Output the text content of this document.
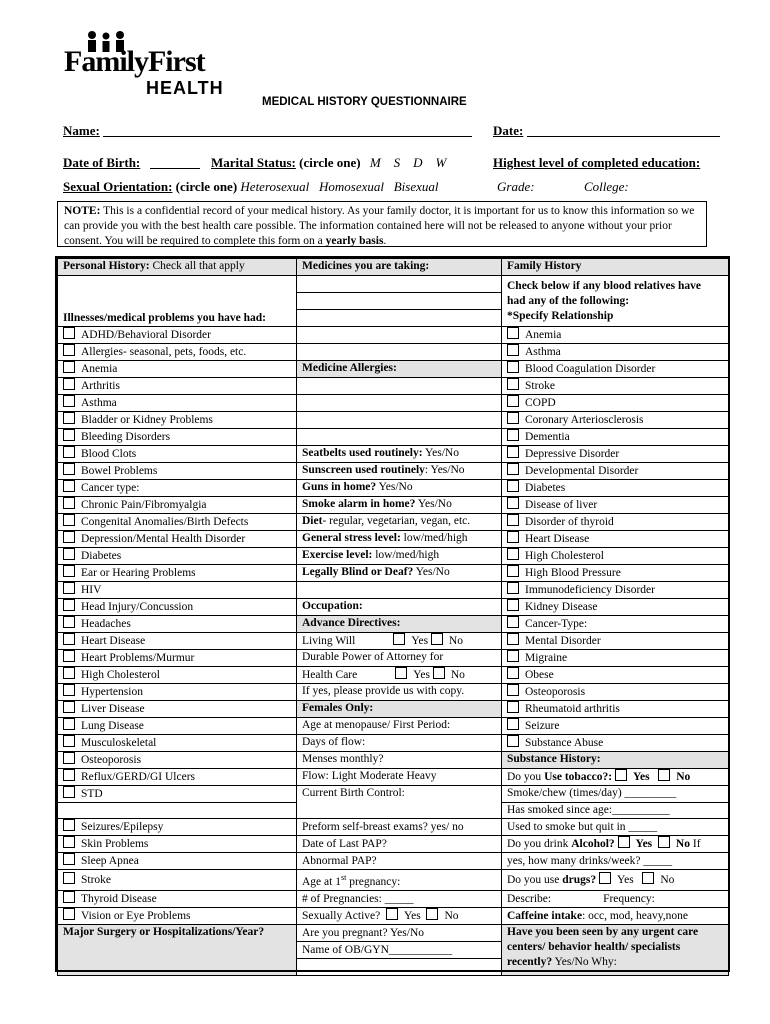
FamilyFirst
HEALTH
MEDICAL HISTORY QUESTIONNAIRE
Name:	Date:
Date of Birth:	Marital Status: (circle one) M    S    D    W	Highest level of completed education:
Sexual Orientation: (circle one) Heterosexual   Homosexual   Bisexual	Grade:	College:
NOTE: This is a confidential record of your medical history. As your family doctor, it is important for us to know this information so we can provide you with the best health care possible. The information contained here will not be released to anyone without your prior consent. You will be required to complete this form on a yearly basis.
Personal History: Check all that apply	Medicines you are taking:	Family History
Illnesses/medical problems you have had:		Check below if any blood relatives have
had any of the following:
*Specify Relationship

ADHD/Behavioral Disorder		Anemia
Allergies- seasonal, pets, foods, etc.		Asthma
Anemia	Medicine Allergies:	Blood Coagulation Disorder
Arthritis		Stroke
Asthma		COPD
Bladder or Kidney Problems		Coronary Arteriosclerosis
Bleeding Disorders		Dementia
Blood Clots	Seatbelts used routinely: Yes/No	Depressive Disorder
Bowel Problems	Sunscreen used routinely: Yes/No	Developmental Disorder
Cancer type:	Guns in home? Yes/No	Diabetes
Chronic Pain/Fibromyalgia	Smoke alarm in home? Yes/No	Disease of liver
Congenital Anomalies/Birth Defects	Diet- regular, vegetarian, vegan, etc.	Disorder of thyroid
Depression/Mental Health Disorder	General stress level: low/med/high	Heart Disease
Diabetes	Exercise level: low/med/high	High Cholesterol
Ear or Hearing Problems	Legally Blind or Deaf? Yes/No	High Blood Pressure
HIV		Immunodeficiency Disorder
Head Injury/Concussion	Occupation:	Kidney Disease
Headaches	Advance Directives:	Cancer-Type:
Heart Disease	Living Will Yes No	Mental Disorder
Heart Problems/Murmur	Durable Power of Attorney for	Migraine
High Cholesterol	Health Care Yes No	Obese
Hypertension	If yes, please provide us with copy.	Osteoporosis
Liver Disease	Females Only:	Rheumatoid arthritis
Lung Disease	Age at menopause/ First Period:	Seizure
Musculoskeletal	Days of flow:	Substance Abuse
Osteoporosis	Menses monthly?	Substance History:
Reflux/GERD/GI Ulcers	Flow: Light Moderate Heavy	Do you Use tobacco?: Yes No
STD	Current Birth Control:	Smoke/chew (times/day) _________
		Has smoked since age:__________
Seizures/Epilepsy	Preform self-breast exams? yes/ no	Used to smoke but quit in _____
Skin Problems	Date of Last PAP?	Do you drink Alcohol? Yes No If
Sleep Apnea	Abnormal PAP?	yes, how many drinks/week? _____
Stroke	Age at 1st pregnancy:	Do you use drugs? Yes No
Thyroid Disease	# of Pregnancies: _____	Describe: Frequency:
Vision or Eye Problems	Sexually Active? Yes No	Caffeine intake: occ, mod, heavy,none
Major Surgery or Hospitalizations/Year?	Are you pregnant? Yes/No	Have you been seen by any urgent care
centers/ behavior health/ specialists
recently? Yes/No Why:
	Name of OB/GYN___________	
